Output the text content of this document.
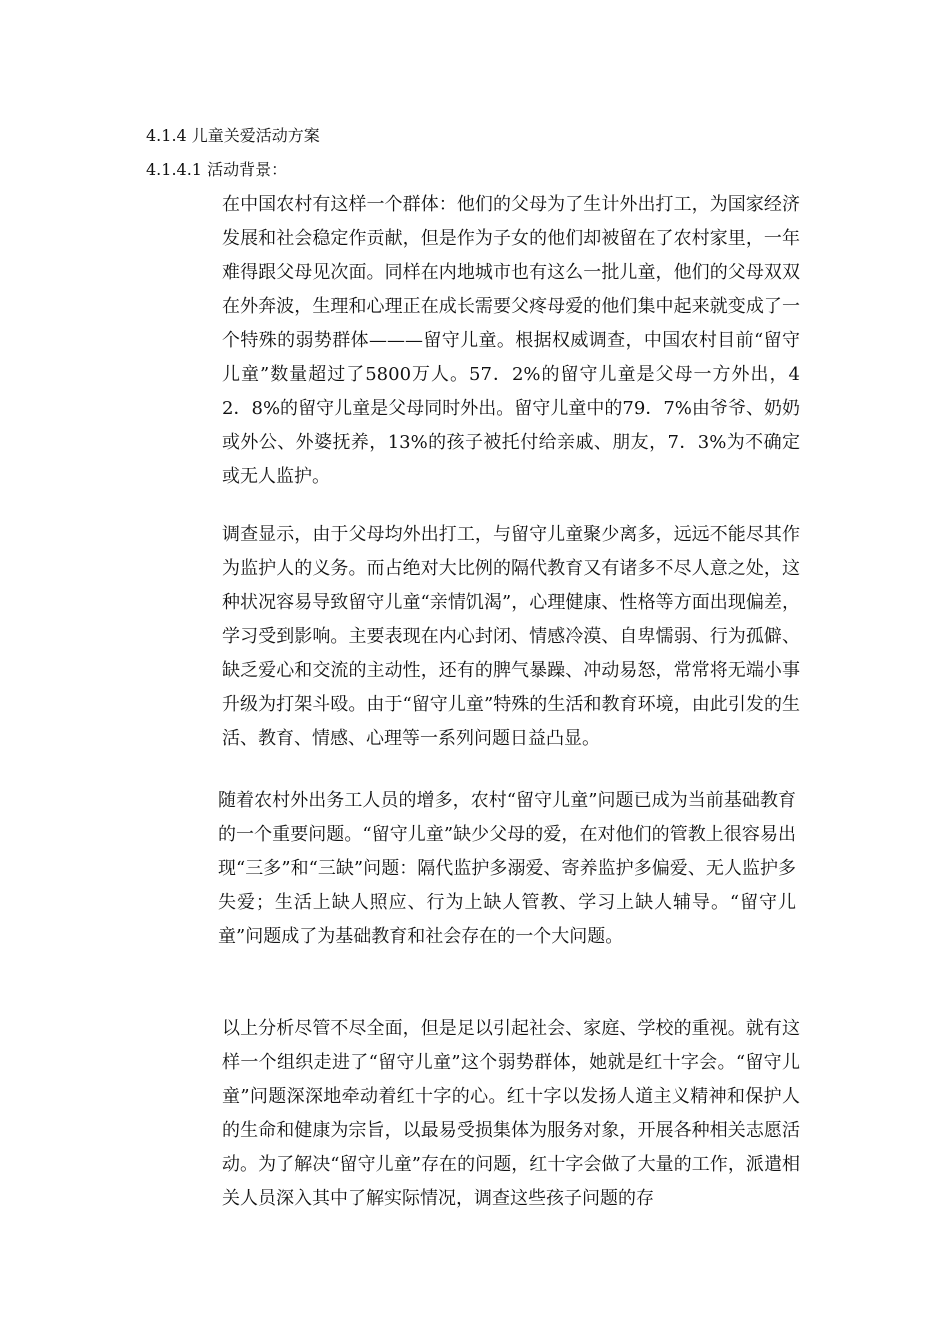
4.1.4 儿童关爱活动方案
4.1.4.1 活动背景：
在中国农村有这样一个群体：他们的父母为了生计外出打工，为国家经济发展和社会稳定作贡献，但是作为子女的他们却被留在了农村家里，一年难得跟父母见次面。同样在内地城市也有这么一批儿童，他们的父母双双在外奔波，生理和心理正在成长需要父疼母爱的他们集中起来就变成了一个特殊的弱势群体———留守儿童。根据权威调查，中国农村目前“留守儿童”数量超过了5800万人。57．2%的留守儿童是父母一方外出，42．8%的留守儿童是父母同时外出。留守儿童中的79．7%由爷爷、奶奶或外公、外婆抚养，13%的孩子被托付给亲戚、朋友，7．3%为不确定或无人监护。
调查显示，由于父母均外出打工，与留守儿童聚少离多，远远不能尽其作为监护人的义务。而占绝对大比例的隔代教育又有诸多不尽人意之处，这种状况容易导致留守儿童“亲情饥渴”，心理健康、性格等方面出现偏差，学习受到影响。主要表现在内心封闭、情感冷漠、自卑懦弱、行为孤僻、缺乏爱心和交流的主动性，还有的脾气暴躁、冲动易怒，常常将无端小事升级为打架斗殴。由于“留守儿童”特殊的生活和教育环境，由此引发的生活、教育、情感、心理等一系列问题日益凸显。
随着农村外出务工人员的增多，农村“留守儿童”问题已成为当前基础教育的一个重要问题。“留守儿童”缺少父母的爱，在对他们的管教上很容易出现“三多”和“三缺”问题：隔代监护多溺爱、寄养监护多偏爱、无人监护多失爱；生活上缺人照应、行为上缺人管教、学习上缺人辅导。“留守儿童”问题成了为基础教育和社会存在的一个大问题。
以上分析尽管不尽全面，但是足以引起社会、家庭、学校的重视。就有这样一个组织走进了“留守儿童”这个弱势群体，她就是红十字会。“留守儿童”问题深深地牵动着红十字的心。红十字以发扬人道主义精神和保护人的生命和健康为宗旨，以最易受损集体为服务对象，开展各种相关志愿活动。为了解决“留守儿童”存在的问题，红十字会做了大量的工作，派遣相关人员深入其中了解实际情况，调查这些孩子问题的存
